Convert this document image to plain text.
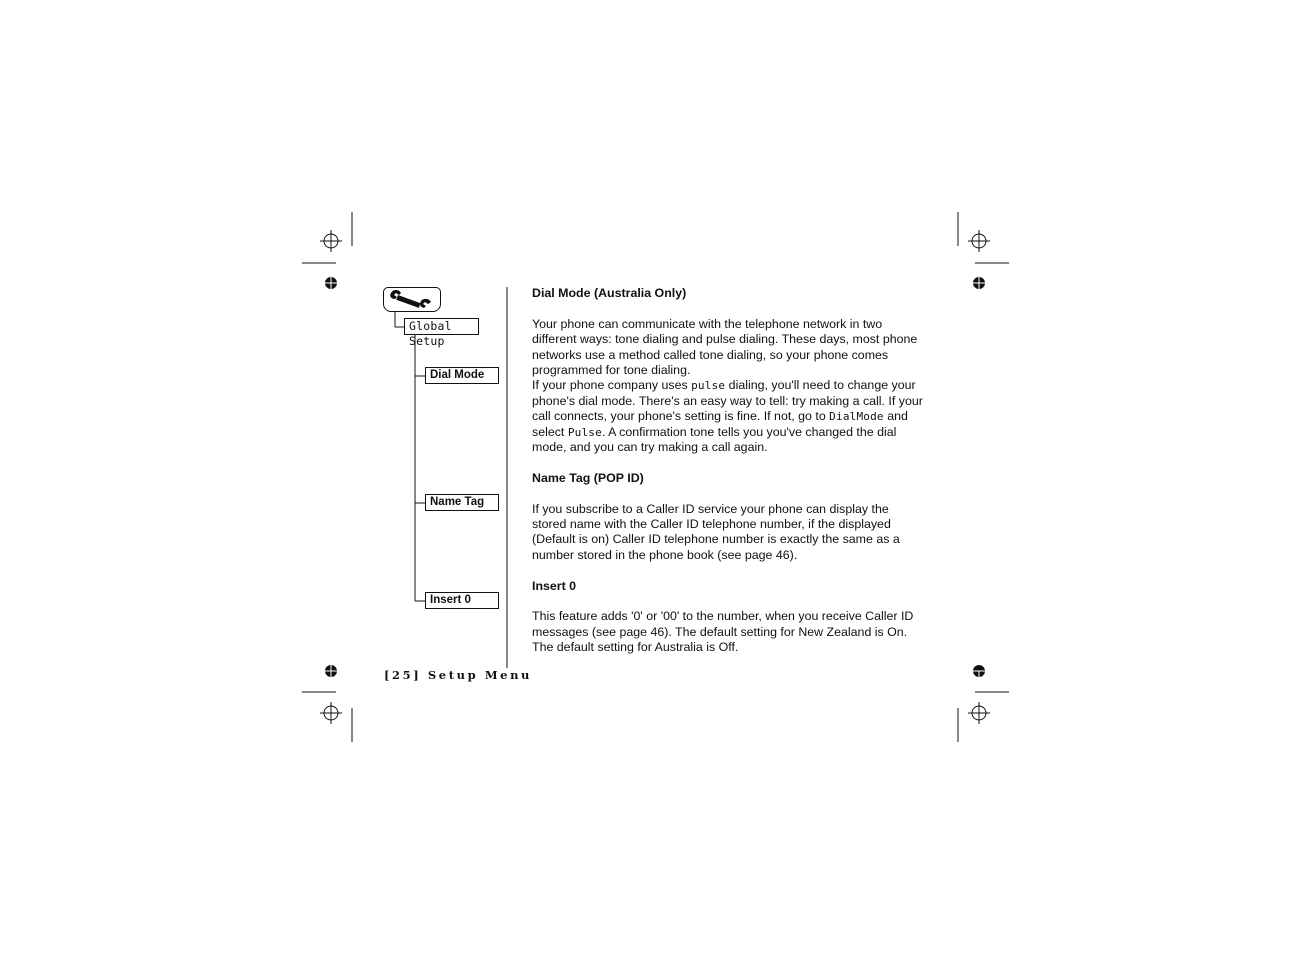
Global Setup
Dial Mode
Name Tag
Insert 0

Dial Mode (Australia Only)

Your phone can communicate with the telephone network in two different ways: tone dialing and pulse dialing. These days, most phone networks use a method called tone dialing, so your phone comes programmed for tone dialing.

If your phone company uses pulse dialing, you'll need to change your phone's dial mode. There's an easy way to tell: try making a call. If your call connects, your phone's setting is fine. If not, go to DialMode and select Pulse. A confirmation tone tells you you've changed the dial mode, and you can try making a call again.

Name Tag (POP ID)

If you subscribe to a Caller ID service your phone can display the stored name with the Caller ID telephone number, if the displayed (Default is on) Caller ID telephone number is exactly the same as a number stored in the phone book (see page 46).

Insert 0

This feature adds '0' or '00' to the number, when you receive Caller ID messages (see page 46). The default setting for New Zealand is On. The default setting for Australia is Off.

[25] Setup Menu
